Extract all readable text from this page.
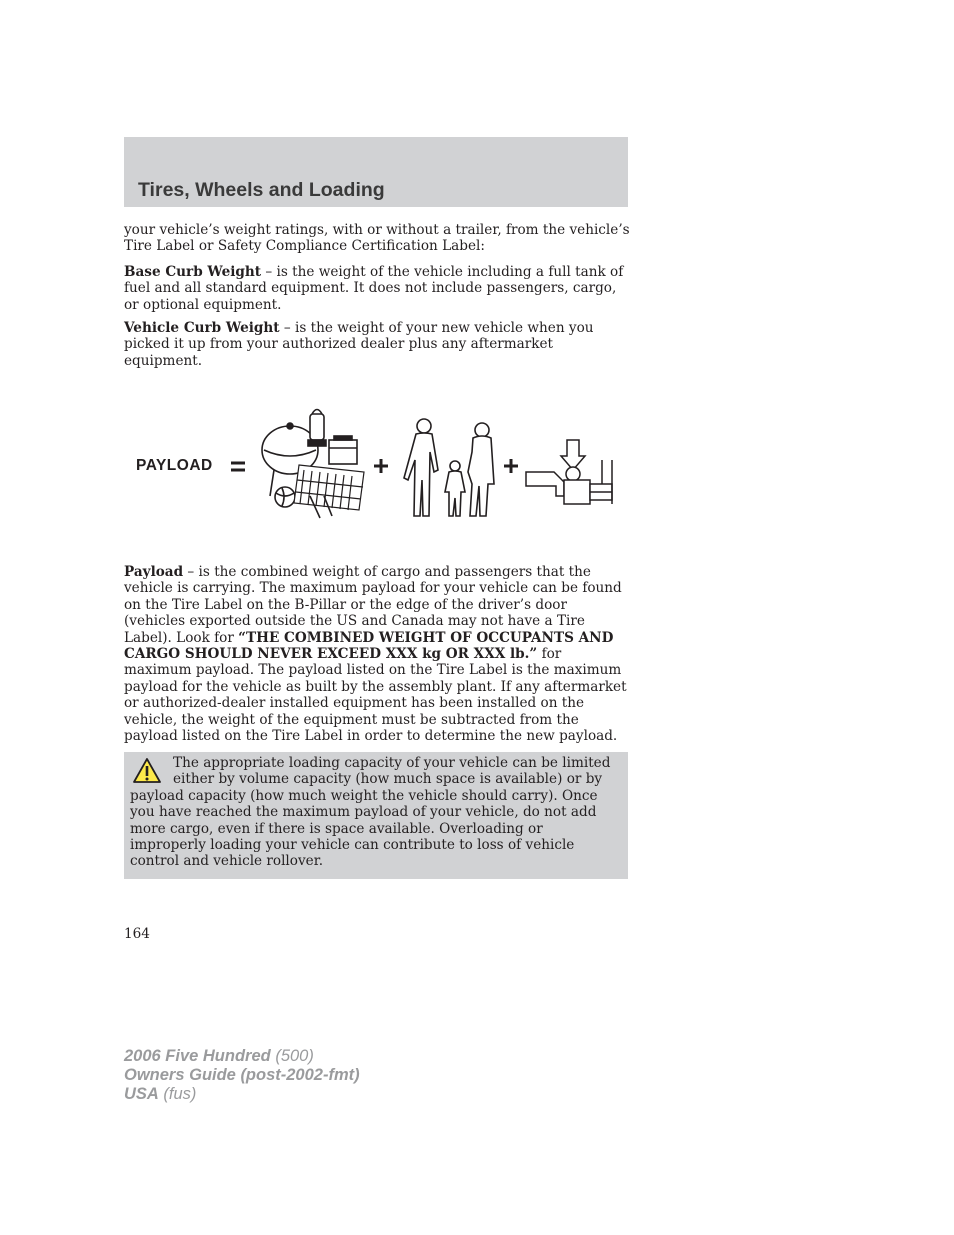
Tires, Wheels and Loading

your vehicle’s weight ratings, with or without a trailer, from the vehicle’s Tire Label or Safety Compliance Certification Label:

Base Curb Weight – is the weight of the vehicle including a full tank of fuel and all standard equipment. It does not include passengers, cargo, or optional equipment.

Vehicle Curb Weight – is the weight of your new vehicle when you picked it up from your authorized dealer plus any aftermarket equipment.

PAYLOAD

Payload – is the combined weight of cargo and passengers that the vehicle is carrying. The maximum payload for your vehicle can be found on the Tire Label on the B-Pillar or the edge of the driver’s door (vehicles exported outside the US and Canada may not have a Tire Label). Look for “THE COMBINED WEIGHT OF OCCUPANTS AND CARGO SHOULD NEVER EXCEED XXX kg OR XXX lb.” for maximum payload. The payload listed on the Tire Label is the maximum payload for the vehicle as built by the assembly plant. If any aftermarket or authorized-dealer installed equipment has been installed on the vehicle, the weight of the equipment must be subtracted from the payload listed on the Tire Label in order to determine the new payload.

The appropriate loading capacity of your vehicle can be limited either by volume capacity (how much space is available) or by payload capacity (how much weight the vehicle should carry). Once you have reached the maximum payload of your vehicle, do not add more cargo, even if there is space available. Overloading or improperly loading your vehicle can contribute to loss of vehicle control and vehicle rollover.

164

2006 Five Hundred (500)
Owners Guide (post-2002-fmt)
USA (fus)
